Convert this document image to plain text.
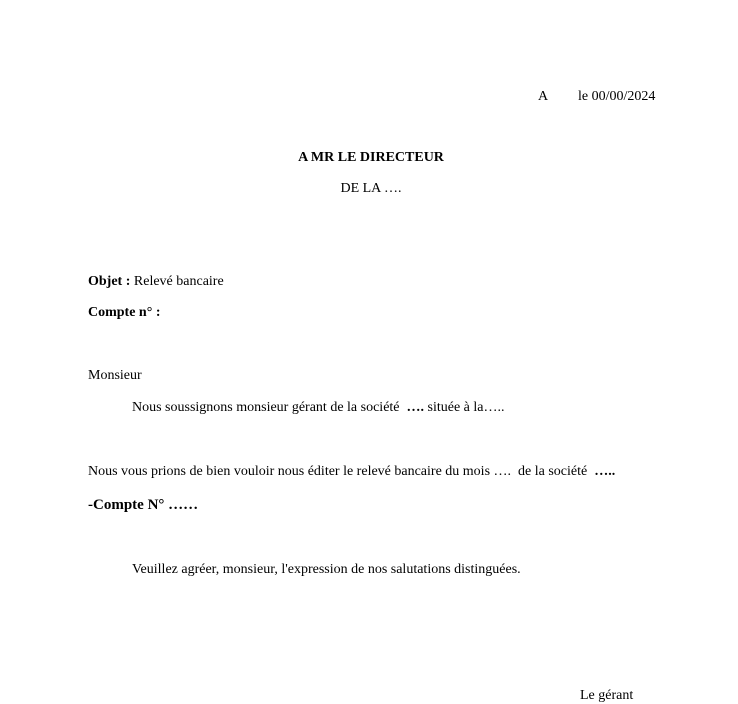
A le 00/00/2024
A MR LE DIRECTEUR
DE LA ….
Objet : Relevé bancaire
Compte n° :
Monsieur
Nous soussignons monsieur gérant de la société  …. située à la…..
Nous vous prions de bien vouloir nous éditer le relevé bancaire du mois ….  de la société  …..
-Compte N° ……
Veuillez agréer, monsieur, l'expression de nos salutations distinguées.
Le gérant
